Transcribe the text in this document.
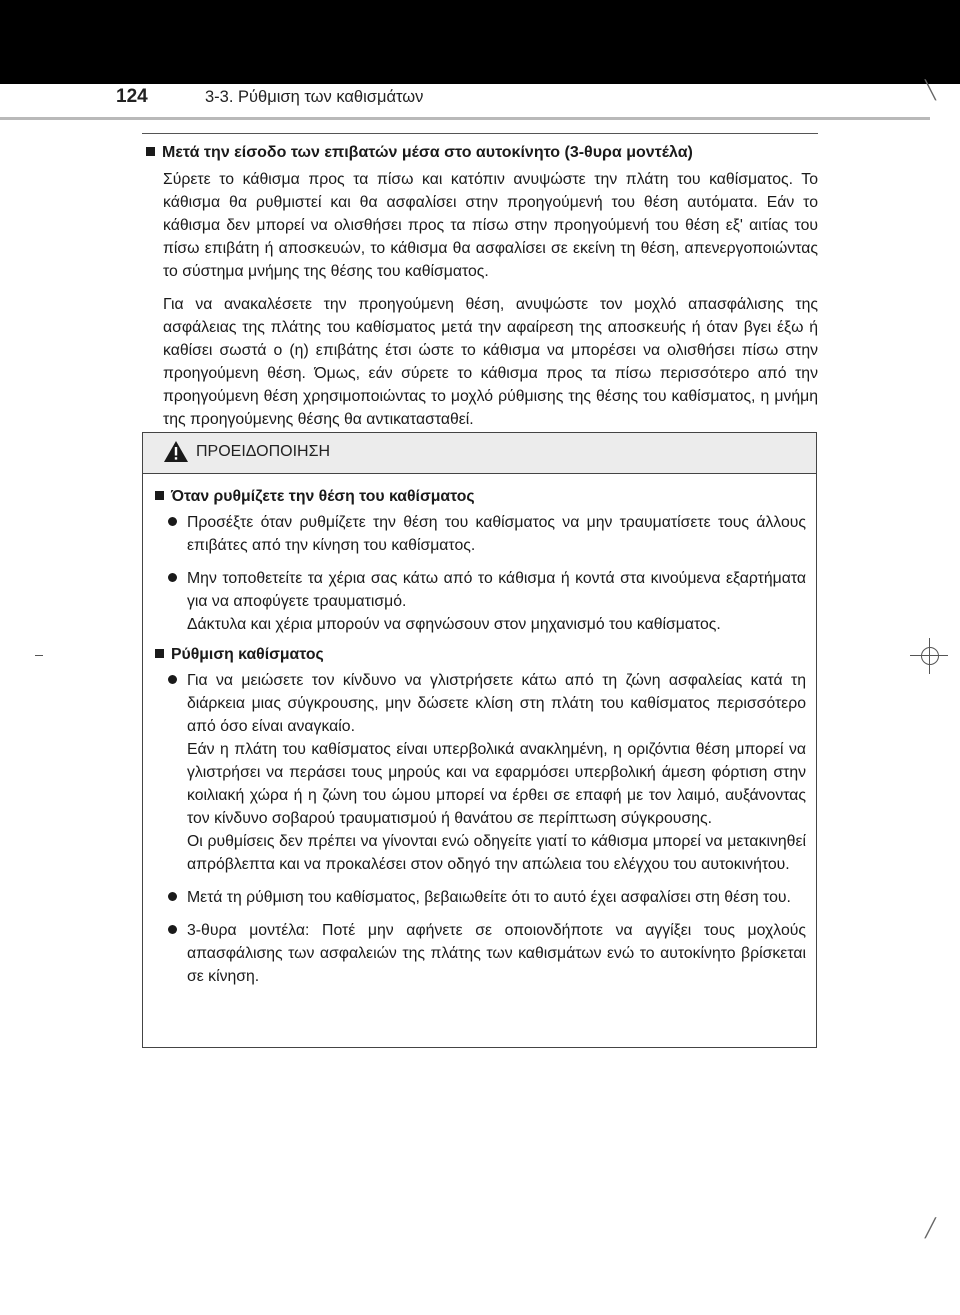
124	3-3. Ρύθμιση των καθισμάτων	╲
╱

Μετά την είσοδο των επιβατών μέσα στο αυτοκίνητο (3-θυρα μοντέλα)

Σύρετε το κάθισμα προς τα πίσω και κατόπιν ανυψώστε την πλάτη του καθίσματος. Το κάθισμα θα ρυθμιστεί και θα ασφαλίσει στην προηγούμενή του θέση αυτόματα. Εάν το κάθισμα δεν μπορεί να ολισθήσει προς τα πίσω στην προηγούμενή του θέση εξ' αιτίας του πίσω επιβάτη ή αποσκευών, το κάθισμα θα ασφαλίσει σε εκείνη τη θέση, απενεργοποιώντας το σύστημα μνήμης της θέσης του καθίσματος.

Για να ανακαλέσετε την προηγούμενη θέση, ανυψώστε τον μοχλό απασφάλισης της ασφάλειας της πλάτης του καθίσματος μετά την αφαίρεση της αποσκευής ή όταν βγει έξω ή καθίσει σωστά ο (η) επιβάτης έτσι ώστε το κάθισμα να μπορέσει να ολισθήσει πίσω στην προηγούμενη θέση. Όμως, εάν σύρετε το κάθισμα προς τα πίσω περισσότερο από την προηγούμενη θέση χρησιμοποιώντας το μοχλό ρύθμισης της θέσης του καθίσματος, η μνήμη της προηγούμενης θέσης θα αντικατασταθεί.

ΠΡΟΕΙΔΟΠΟΙΗΣΗ

Όταν ρυθμίζετε την θέση του καθίσματος

Προσέξτε όταν ρυθμίζετε την θέση του καθίσματος να μην τραυματίσετε τους άλλους επιβάτες από την κίνηση του καθίσματος.

Μην τοποθετείτε τα χέρια σας κάτω από το κάθισμα ή κοντά στα κινούμενα εξαρτήματα για να αποφύγετε τραυματισμό.

Δάκτυλα και χέρια μπορούν να σφηνώσουν στον μηχανισμό του καθίσματος.

Ρύθμιση καθίσματος

Για να μειώσετε τον κίνδυνο να γλιστρήσετε κάτω από τη ζώνη ασφαλείας κατά τη διάρκεια μιας σύγκρουσης, μην δώσετε κλίση στη πλάτη του καθίσματος περισσότερο από όσο είναι αναγκαίο.

Εάν η πλάτη του καθίσματος είναι υπερβολικά ανακλημένη, η οριζόντια θέση μπορεί να γλιστρήσει να περάσει τους μηρούς και να εφαρμόσει υπερβολική άμεση φόρτιση στην κοιλιακή χώρα ή η ζώνη του ώμου μπορεί να έρθει σε επαφή με τον λαιμό, αυξάνοντας τον κίνδυνο σοβαρού τραυματισμού ή θανάτου σε περίπτωση σύγκρουσης.

Οι ρυθμίσεις δεν πρέπει να γίνονται ενώ οδηγείτε γιατί το κάθισμα μπορεί να μετακινηθεί απρόβλεπτα και να προκαλέσει στον οδηγό την απώλεια του ελέγχου του αυτοκινήτου.

Μετά τη ρύθμιση του καθίσματος, βεβαιωθείτε ότι το αυτό έχει ασφαλίσει στη θέση του.

3-θυρα μοντέλα: Ποτέ μην αφήνετε σε οποιονδήποτε να αγγίξει τους μοχλούς απασφάλισης των ασφαλειών της πλάτης των καθισμάτων ενώ το αυτοκίνητο βρίσκεται σε κίνηση.
